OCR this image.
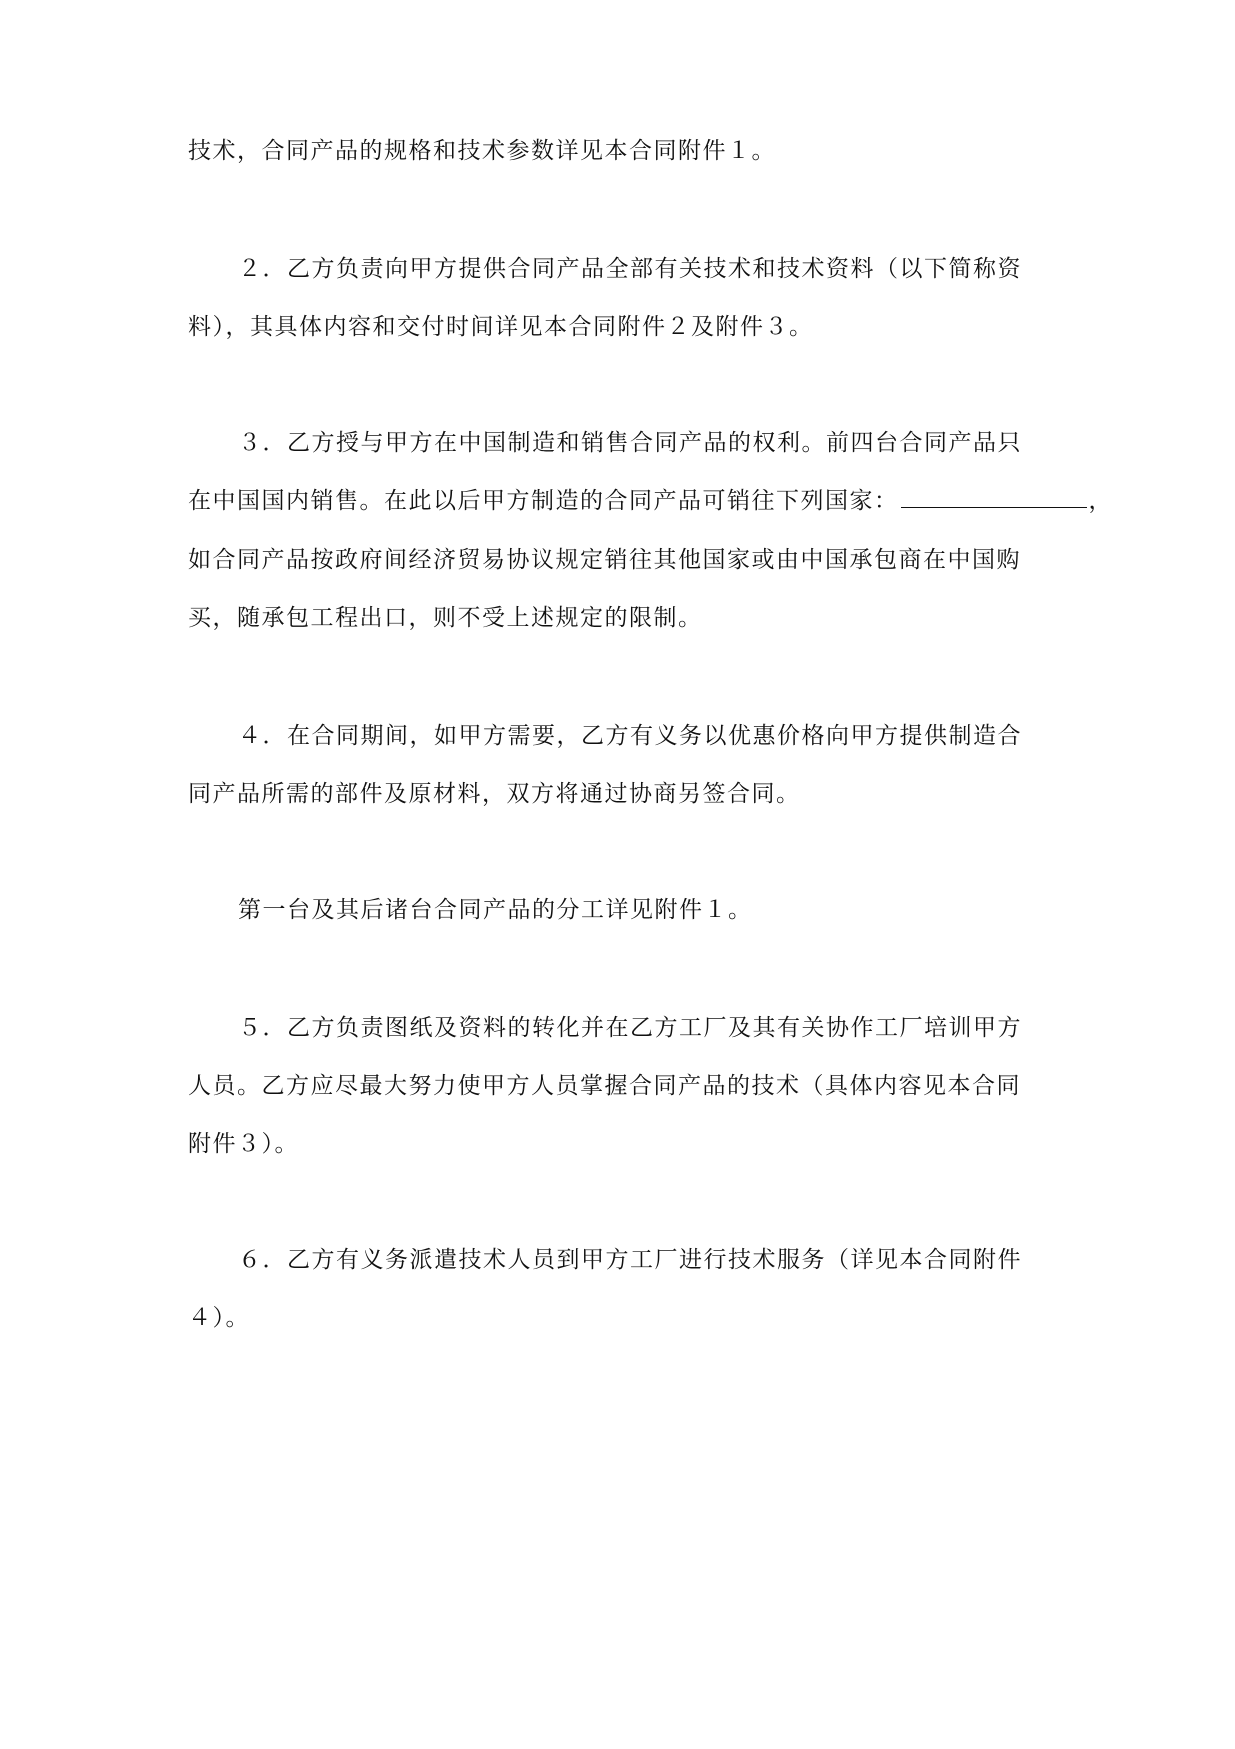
技术，合同产品的规格和技术参数详见本合同附件１。
２．乙方负责向甲方提供合同产品全部有关技术和技术资料（以下简称资
料），其具体内容和交付时间详见本合同附件２及附件３。
３．乙方授与甲方在中国制造和销售合同产品的权利。前四台合同产品只
在中国国内销售。在此以后甲方制造的合同产品可销往下列国家：	，
如合同产品按政府间经济贸易协议规定销往其他国家或由中国承包商在中国购
买，随承包工程出口，则不受上述规定的限制。
４．在合同期间，如甲方需要，乙方有义务以优惠价格向甲方提供制造合
同产品所需的部件及原材料，双方将通过协商另签合同。
第一台及其后诸台合同产品的分工详见附件１。
５．乙方负责图纸及资料的转化并在乙方工厂及其有关协作工厂培训甲方
人员。乙方应尽最大努力使甲方人员掌握合同产品的技术（具体内容见本合同
附件３）。
６．乙方有义务派遣技术人员到甲方工厂进行技术服务（详见本合同附件
４）。
